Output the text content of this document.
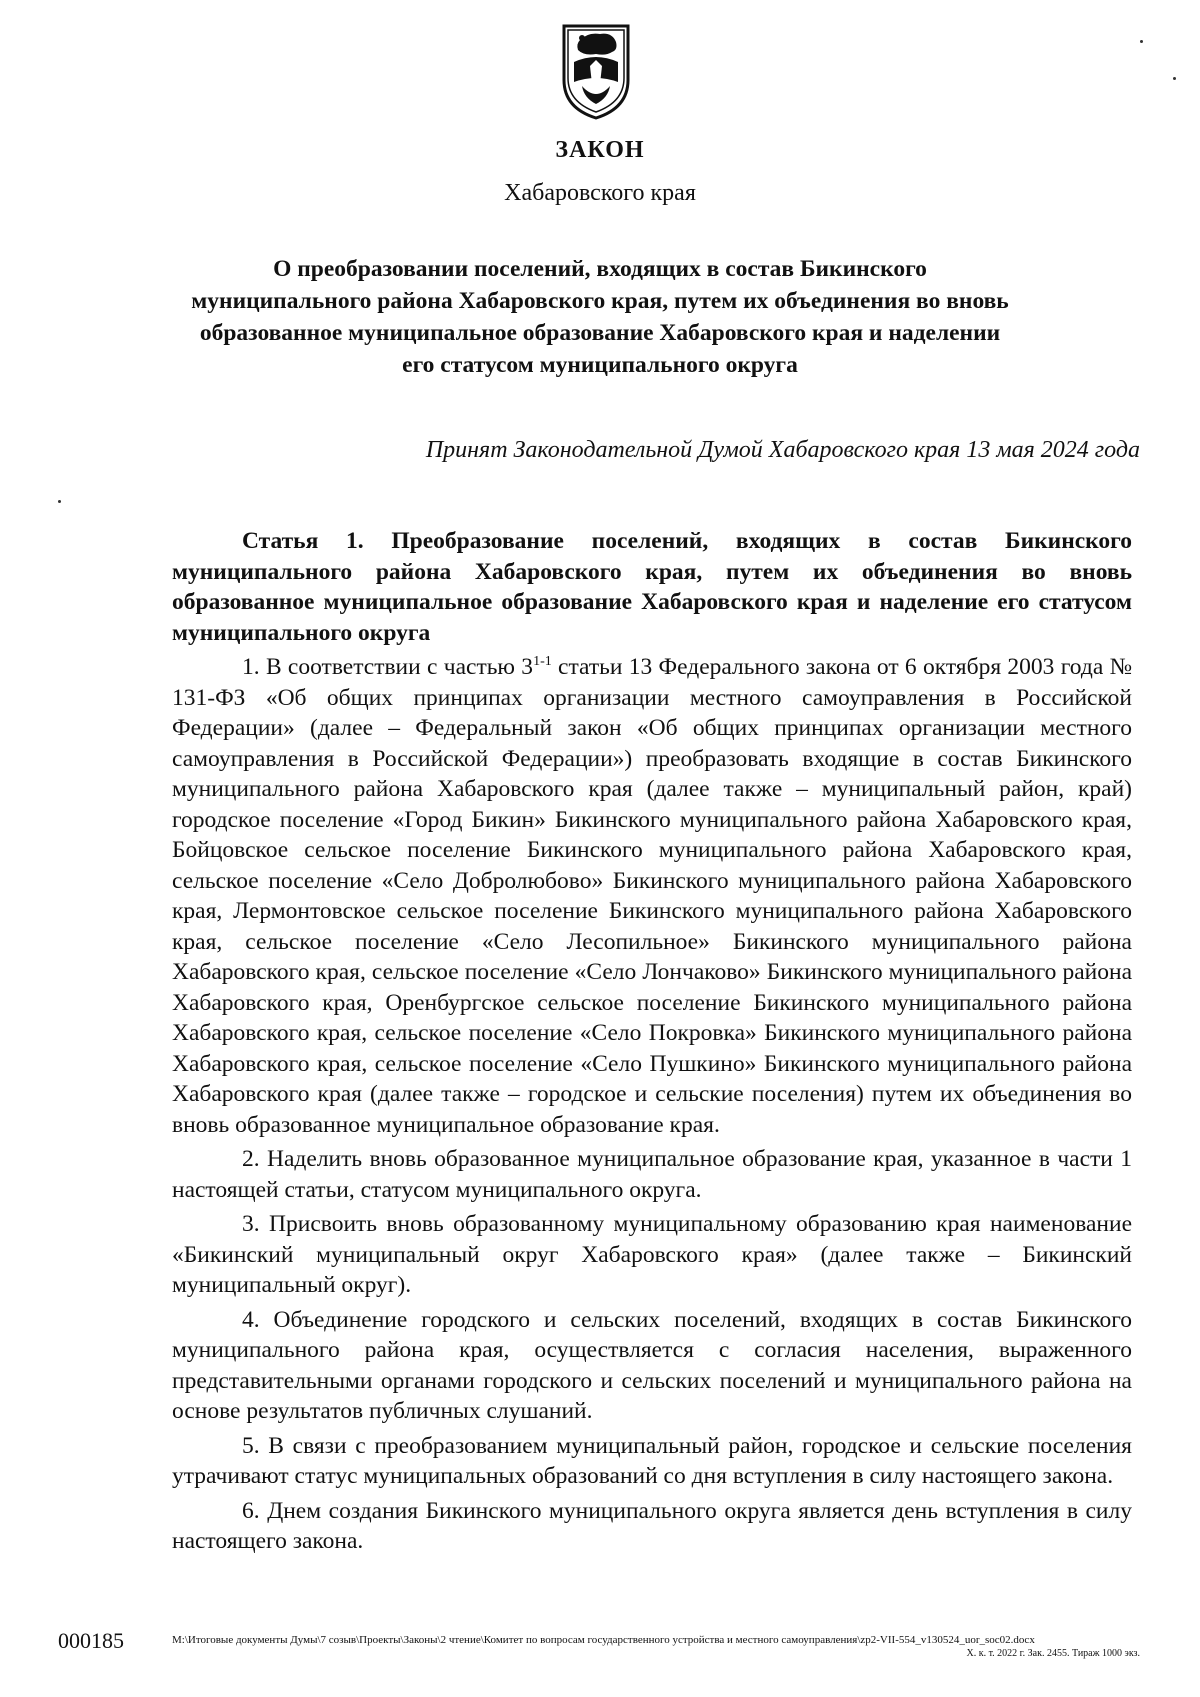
ЗАКОН
Хабаровского края
О преобразовании поселений, входящих в состав Бикинского муниципального района Хабаровского края, путем их объединения во вновь образованное муниципальное образование Хабаровского края и наделении его статусом муниципального округа
Принят Законодательной Думой Хабаровского края 13 мая 2024 года

Статья 1. Преобразование поселений, входящих в состав Бикинского муниципального района Хабаровского края, путем их объединения во вновь образованное муниципальное образование Хабаровского края и наделение его статусом муниципального округа

1. В соответствии с частью 3$^{1-1}$ статьи 13 Федерального закона от 6 октября 2003 года № 131-ФЗ «Об общих принципах организации местного самоуправления в Российской Федерации» (далее – Федеральный закон «Об общих принципах организации местного самоуправления в Российской Федерации») преобразовать входящие в состав Бикинского муниципального района Хабаровского края (далее также – муниципальный район, край) городское поселение «Город Бикин» Бикинского муниципального района Хабаровского края, Бойцовское сельское поселение Бикинского муниципального района Хабаровского края, сельское поселение «Село Добролюбово» Бикинского муниципального района Хабаровского края, Лермонтовское сельское поселение Бикинского муниципального района Хабаровского края, сельское поселение «Село Лесопильное» Бикинского муниципального района Хабаровского края, сельское поселение «Село Лончаково» Бикинского муниципального района Хабаровского края, Оренбургское сельское поселение Бикинского муниципального района Хабаровского края, сельское поселение «Село Покровка» Бикинского муниципального района Хабаровского края, сельское поселение «Село Пушкино» Бикинского муниципального района Хабаровского края (далее также – городское и сельские поселения) путем их объединения во вновь образованное муниципальное образование края.

2. Наделить вновь образованное муниципальное образование края, указанное в части 1 настоящей статьи, статусом муниципального округа.

3. Присвоить вновь образованному муниципальному образованию края наименование «Бикинский муниципальный округ Хабаровского края» (далее также – Бикинский муниципальный округ).

4. Объединение городского и сельских поселений, входящих в состав Бикинского муниципального района края, осуществляется с согласия населения, выраженного представительными органами городского и сельских поселений и муниципального района на основе результатов публичных слушаний.

5. В связи с преобразованием муниципальный район, городское и сельские поселения утрачивают статус муниципальных образований со дня вступления в силу настоящего закона.

6. Днем создания Бикинского муниципального округа является день вступления в силу настоящего закона.

000185	М:\Итоговые документы Думы\7 созыв\Проекты\Законы\2 чтение\Комитет по вопросам государственного устройства и местного самоуправления\zp2-VII-554_v130524_uor_soc02.docx
Х. к. т. 2022 г. Зак. 2455. Тираж 1000 экз.
